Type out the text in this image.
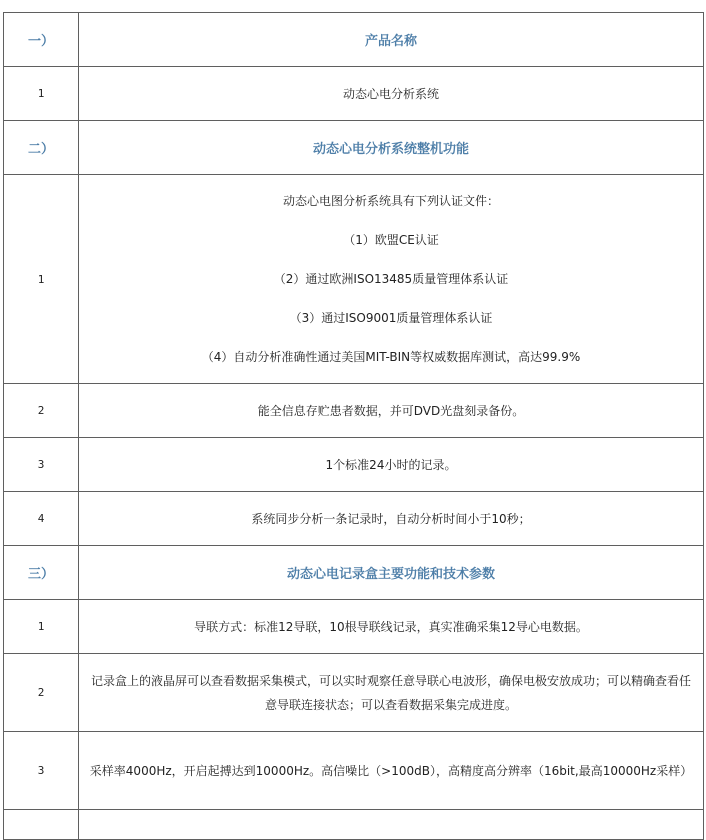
一）	产品名称
1	动态心电分析系统
二）	动态心电分析系统整机功能
1	动态心电图分析系统具有下列认证文件：
（1）欧盟CE认证
（2）通过欧洲ISO13485质量管理体系认证
（3）通过ISO9001质量管理体系认证
（4）自动分析准确性通过美国MIT-BIN等权威数据库测试，高达99.9%

2	能全信息存贮患者数据，并可DVD光盘刻录备份。
3	1个标准24小时的记录。
4	系统同步分析一条记录时，自动分析时间小于10秒；
三）	动态心电记录盒主要功能和技术参数
1	导联方式：标准12导联，10根导联线记录，真实准确采集12导心电数据。
2	记录盒上的液晶屏可以查看数据采集模式，可以实时观察任意导联心电波形，确保电极安放成功；可以精确查看任意导联连接状态；可以查看数据采集完成进度。

3	采样率4000Hz，开启起搏达到10000Hz。高信噪比（>100dB），高精度高分辨率（16bit,最高10000Hz采样）
